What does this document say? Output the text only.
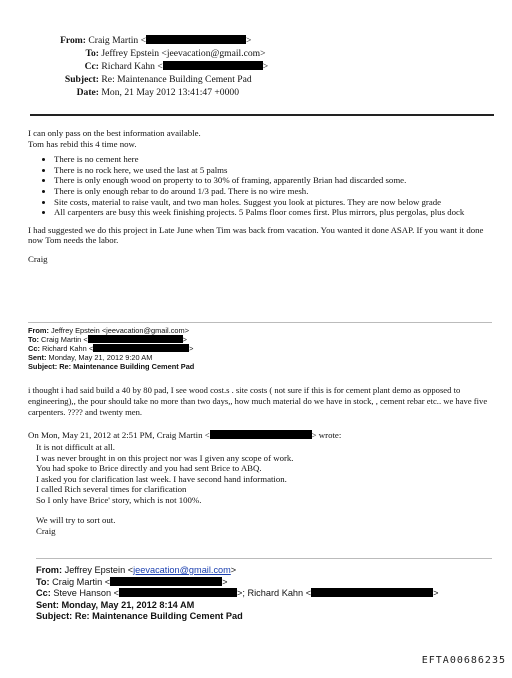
From: Craig Martin <	>
To: Jeffrey Epstein <jeevacation@gmail.com>
Cc: Richard Kahn <	>
Subject: Re: Maintenance Building Cement Pad
Date: Mon, 21 May 2012 13:41:47 +0000

I can only pass on the best information available.

Tom has rebid this 4 time now.

• There is no cement here
• There is no rock here, we used the last at 5 palms
• There is only enough wood on property to to 30% of framing, apparently Brian had discarded some.
• There is only enough rebar to do around 1/3 pad. There is no wire mesh.
• Site costs, material to raise vault, and two man holes. Suggest you look at pictures. They are now below grade
• All carpenters are busy this week finishing projects. 5 Palms floor comes first. Plus mirrors, plus pergolas, plus dock

I had suggested we do this project in Late June when Tim was back from vacation. You wanted it done ASAP. If you want it done now Tom needs the labor.

Craig

From: Jeffrey Epstein <jeevacation@gmail.com>
To: Craig Martin <	>
Cc: Richard Kahn <	>
Sent: Monday, May 21, 2012 9:20 AM
Subject: Re: Maintenance Building Cement Pad

i thought i had said build a 40 by 80 pad, I see wood cost.s . site costs ( not sure if this is for cement plant demo as opposed to engineering),, the pour should take no more than two days,, how much material do we have in stock, , cement rebar etc.. we have five carpenters. ???? and twenty men.

On Mon, May 21, 2012 at 2:51 PM, Craig Martin <	> wrote:

It is not difficult at all.

I was never brought in on this project nor was I given any scope of work.

You had spoke to Brice directly and you had sent Brice to ABQ.

I asked you for clarification last week. I have second hand information.

I called Rich several times for clarification

So I only have Brice' story, which is not 100%.

We will try to sort out.

Craig

From: Jeffrey Epstein <jeevacation@gmail.com>
To: Craig Martin <	>
Cc: Steve Hanson <	>; Richard Kahn <	>
Sent: Monday, May 21, 2012 8:14 AM
Subject: Re: Maintenance Building Cement Pad
EFTA00686235
